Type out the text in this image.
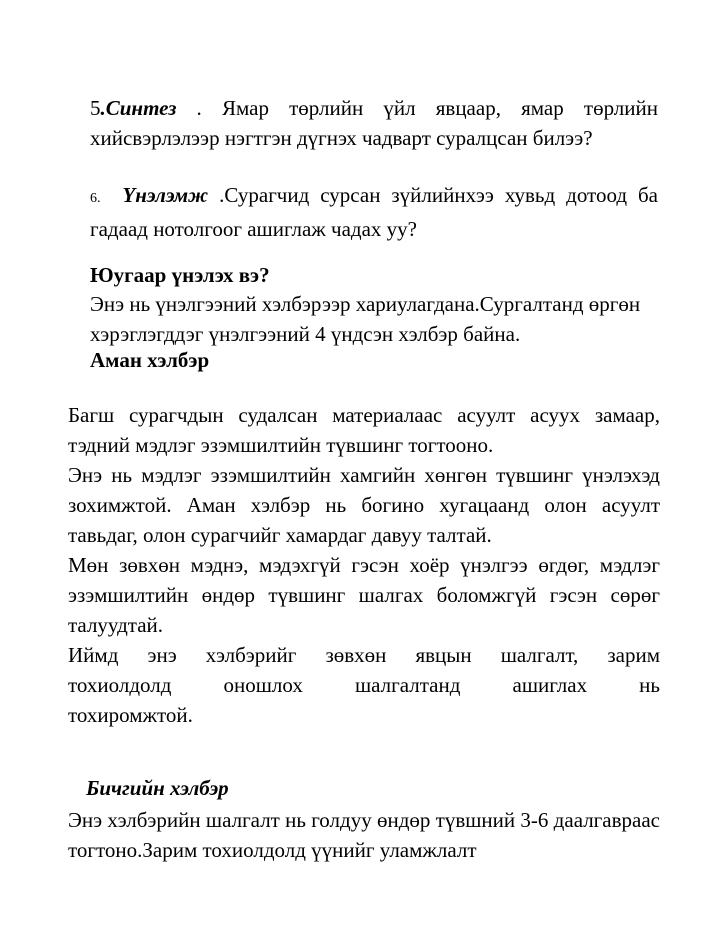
5.Синтез . Ямар төрлийн үйл явцаар, ямар төрлийн хийсвэрлэлээр нэгтгэн дүгнэх чадварт суралцсан билээ?

6. Үнэлэмж .Сурагчид сурсан зүйлийнхээ хувьд дотоод ба гадаад нотолгоог ашиглаж чадах уу?

Юугаар үнэлэх вэ?

Энэ нь үнэлгээний хэлбэрээр хариулагдана.Сургалтанд өргөн хэрэглэгддэг үнэлгээний 4 үндсэн хэлбэр байна.

Аман хэлбэр

Багш сурагчдын судалсан материалаас асуулт асуух замаар, тэдний мэдлэг эзэмшилтийн түвшинг тогтооно.
Энэ нь мэдлэг эзэмшилтийн хамгийн хөнгөн түвшинг үнэлэхэд зохимжтой. Аман хэлбэр нь богино хугацаанд олон асуулт тавьдаг, олон сурагчийг хамардаг давуу талтай.
Мөн зөвхөн мэднэ, мэдэхгүй гэсэн хоёр үнэлгээ өгдөг, мэдлэг эзэмшилтийн өндөр түвшинг шалгах боломжгүй гэсэн сөрөг талуудтай.
Иймд энэ хэлбэрийг зөвхөн явцын шалгалт, зарим
тохиолдолд оношлох шалгалтанд ашиглах нь
тохиромжтой.

Бичгийн хэлбэр

Энэ хэлбэрийн шалгалт нь голдуу өндөр түвшний 3-6 даалгавраас тогтоно.Зарим тохиолдолд үүнийг уламжлалт
